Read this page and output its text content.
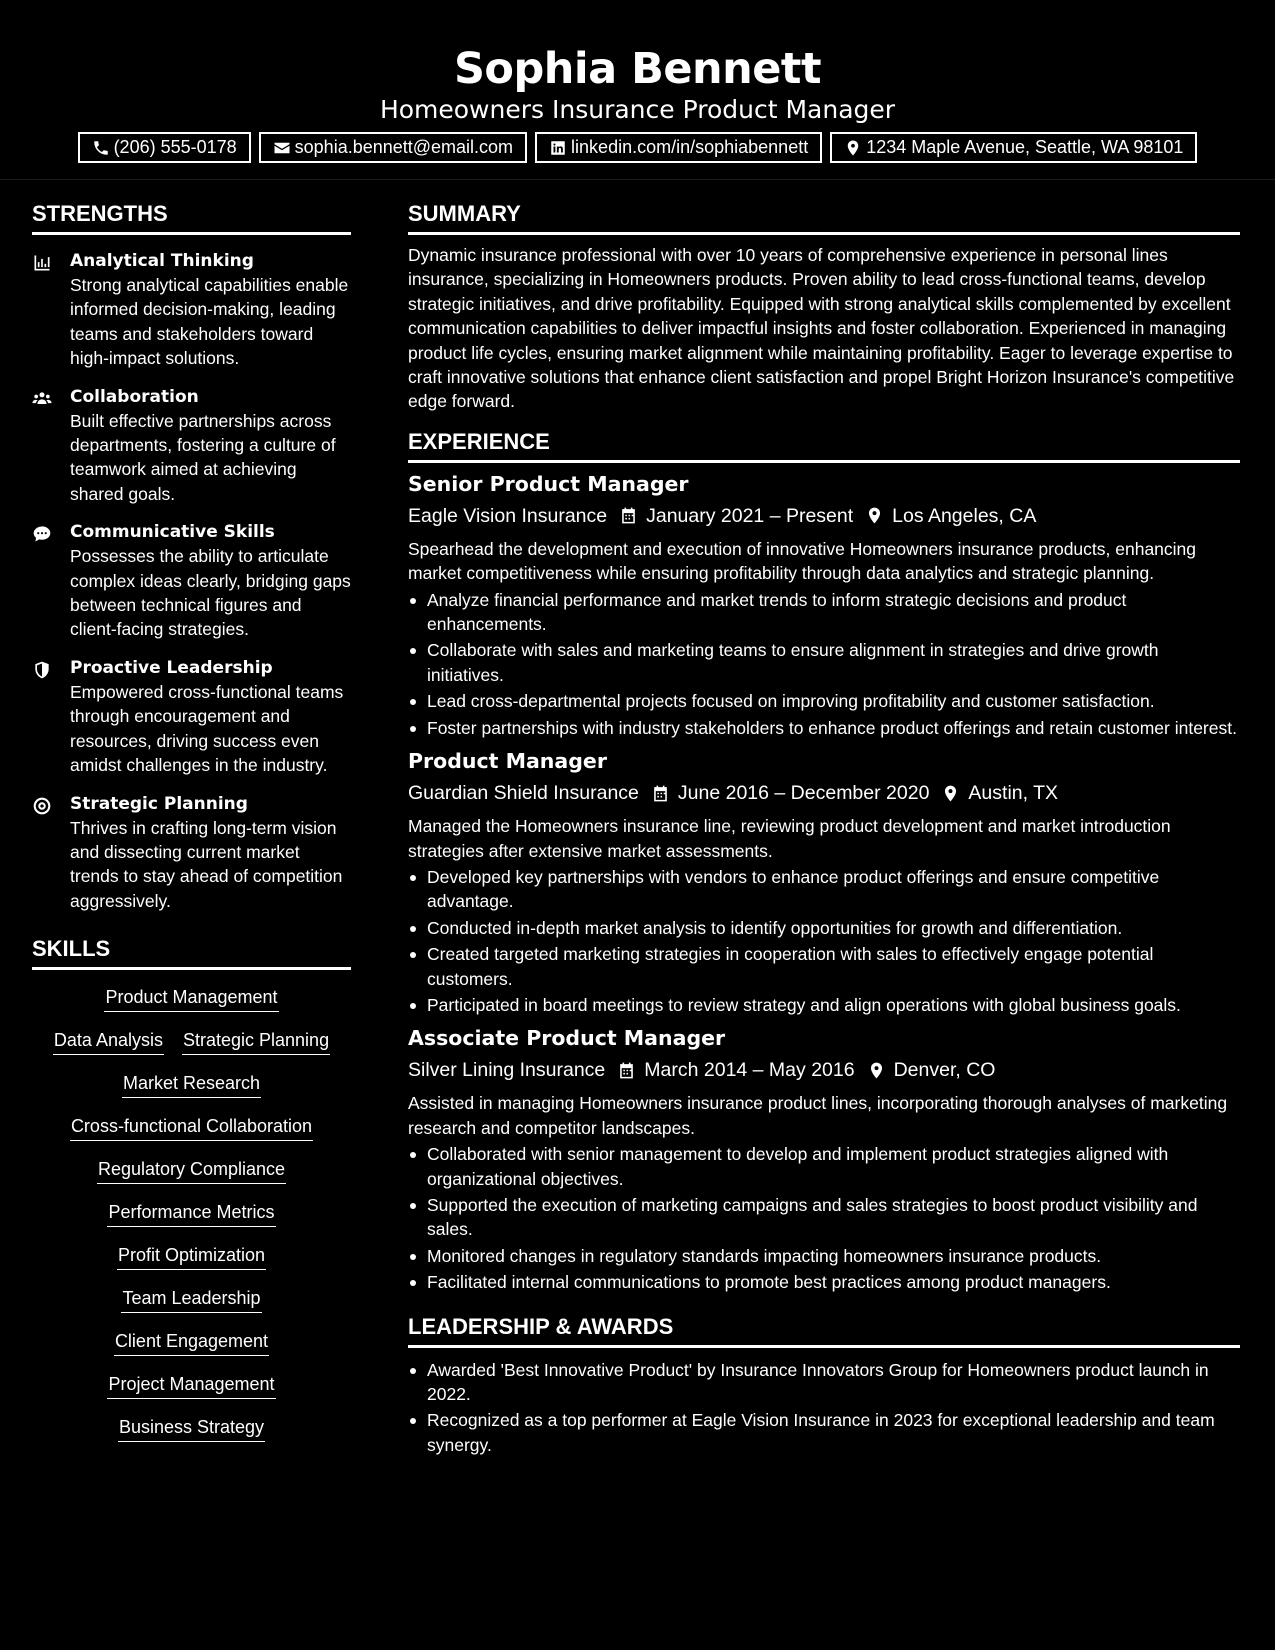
Sophia Bennett
Homeowners Insurance Product Manager
(206) 555-0178	sophia.bennett@email.com	linkedin.com/in/sophiabennett	1234 Maple Avenue, Seattle, WA 98101
STRENGTHS
Analytical Thinking
Strong analytical capabilities enable informed decision-making, leading teams and stakeholders toward high-impact solutions.
Collaboration
Built effective partnerships across departments, fostering a culture of teamwork aimed at achieving shared goals.
Communicative Skills
Possesses the ability to articulate complex ideas clearly, bridging gaps between technical figures and client-facing strategies.
Proactive Leadership
Empowered cross-functional teams through encouragement and resources, driving success even amidst challenges in the industry.
Strategic Planning
Thrives in crafting long-term vision and dissecting current market trends to stay ahead of competition aggressively.
SKILLS
Product Management
Data Analysis Strategic Planning
Market Research
Cross-functional Collaboration
Regulatory Compliance
Performance Metrics
Profit Optimization
Team Leadership
Client Engagement
Project Management
Business Strategy
SUMMARY
Dynamic insurance professional with over 10 years of comprehensive experience in personal lines insurance, specializing in Homeowners products. Proven ability to lead cross-functional teams, develop strategic initiatives, and drive profitability. Equipped with strong analytical skills complemented by excellent communication capabilities to deliver impactful insights and foster collaboration. Experienced in managing product life cycles, ensuring market alignment while maintaining profitability. Eager to leverage expertise to craft innovative solutions that enhance client satisfaction and propel Bright Horizon Insurance's competitive edge forward.
EXPERIENCE
Senior Product Manager
Eagle Vision Insurance January 2021 – Present Los Angeles, CA
Spearhead the development and execution of innovative Homeowners insurance products, enhancing market competitiveness while ensuring profitability through data analytics and strategic planning.
Analyze financial performance and market trends to inform strategic decisions and product enhancements.
Collaborate with sales and marketing teams to ensure alignment in strategies and drive growth initiatives.
Lead cross-departmental projects focused on improving profitability and customer satisfaction.
Foster partnerships with industry stakeholders to enhance product offerings and retain customer interest.
Product Manager
Guardian Shield Insurance June 2016 – December 2020 Austin, TX
Managed the Homeowners insurance line, reviewing product development and market introduction strategies after extensive market assessments.
Developed key partnerships with vendors to enhance product offerings and ensure competitive advantage.
Conducted in-depth market analysis to identify opportunities for growth and differentiation.
Created targeted marketing strategies in cooperation with sales to effectively engage potential customers.
Participated in board meetings to review strategy and align operations with global business goals.
Associate Product Manager
Silver Lining Insurance March 2014 – May 2016 Denver, CO
Assisted in managing Homeowners insurance product lines, incorporating thorough analyses of marketing research and competitor landscapes.
Collaborated with senior management to develop and implement product strategies aligned with organizational objectives.
Supported the execution of marketing campaigns and sales strategies to boost product visibility and sales.
Monitored changes in regulatory standards impacting homeowners insurance products.
Facilitated internal communications to promote best practices among product managers.
LEADERSHIP & AWARDS
Awarded 'Best Innovative Product' by Insurance Innovators Group for Homeowners product launch in 2022.
Recognized as a top performer at Eagle Vision Insurance in 2023 for exceptional leadership and team synergy.
